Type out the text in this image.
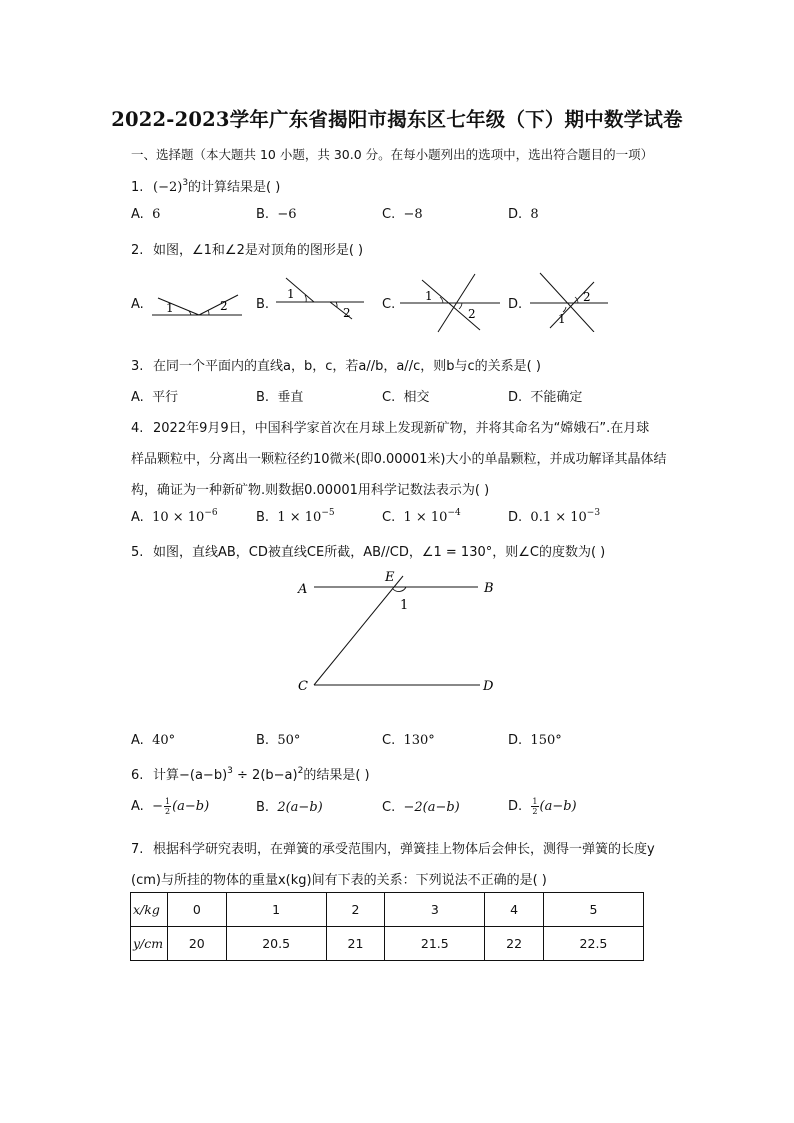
2022-2023学年广东省揭阳市揭东区七年级（下）期中数学试卷
一、选择题（本大题共 10 小题，共 30.0 分。在每小题列出的选项中，选出符合题目的一项）
1. $(-2)^3$的计算结果是( )
A. 6	B. −6	C. −8	D. 8
2. 如图，∠1和∠2是对顶角的图形是( )
A.	B.	C.	D.
1	2
1
2
1
2
2
1
3. 在同一个平面内的直线a，b，c，若a//b，a//c，则b与c的关系是( )
A. 平行	B. 垂直	C. 相交	D. 不能确定
4. 2022年9月9日，中国科学家首次在月球上发现新矿物，并将其命名为“嫦娥石”.在月球
样品颗粒中，分离出一颗粒径约10微米(即0.00001米)大小的单晶颗粒，并成功解译其晶体结
构，确证为一种新矿物.则数据0.00001用科学记数法表示为( )
A. $10 \times 10^{-6}$	B. $1 \times 10^{-5}$	C. $1 \times 10^{-4}$	D. $0.1 \times 10^{-3}$
5. 如图，直线AB，CD被直线CE所截，AB//CD，∠1 = 130°，则∠C的度数为( )
A	B
C	D
E
1
A. 40°	B. 50°	C. 130°	D. 150°
6. 计算$-(a-b)^3 \div 2(b-a)^2$的结果是( )
A. − $\frac{1}{2} (a-b)$	B. 2(a−b)	C. −2(a−b)	D. $\frac{1}{2} (a-b)$
7. 根据科学研究表明，在弹簧的承受范围内，弹簧挂上物体后会伸长，测得一弹簧的长度y
(cm)与所挂的物体的重量x(kg)间有下表的关系：下列说法不正确的是( )
x/kg	0	1	2	3	4	5
y/cm	20	20.5	21	21.5	22	22.5
